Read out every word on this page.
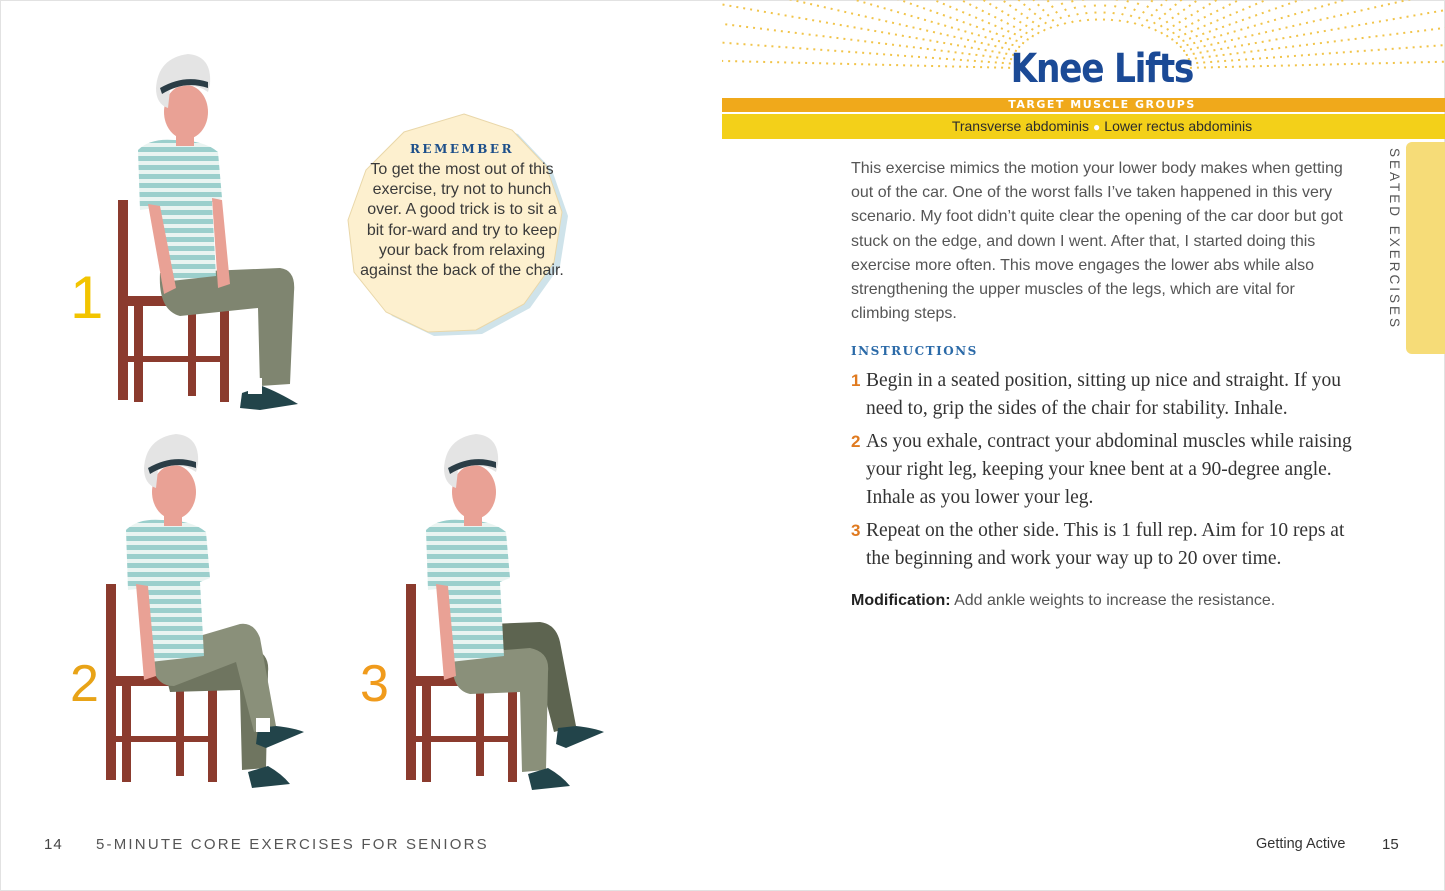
1
REMEMBER
To get the most out of this exercise, try not to hunch over. A good trick is to sit a bit for-ward and try to keep your back from relaxing against the back of the chair.
2	3
14 5-MINUTE CORE EXERCISES FOR SENIORS
Knee Lifts
TARGET MUSCLE GROUPS
Transverse abdominis ● Lower rectus abdominis
SEATED EXERCISES
This exercise mimics the motion your lower body makes when getting out of the car. One of the worst falls I’ve taken happened in this very scenario. My foot didn’t quite clear the opening of the car door but got stuck on the edge, and down I went. After that, I started doing this exercise more often. This move engages the lower abs while also strengthening the upper muscles of the legs, which are vital for climbing steps.
INSTRUCTIONS
1 Begin in a seated position, sitting up nice and straight. If you need to, grip the sides of the chair for stability. Inhale.
2 As you exhale, contract your abdominal muscles while raising your right leg, keeping your knee bent at a 90-degree angle. Inhale as you lower your leg.
3 Repeat on the other side. This is 1 full rep. Aim for 10 reps at the beginning and work your way up to 20 over time.
Modification: Add ankle weights to increase the resistance.
Getting Active 15
